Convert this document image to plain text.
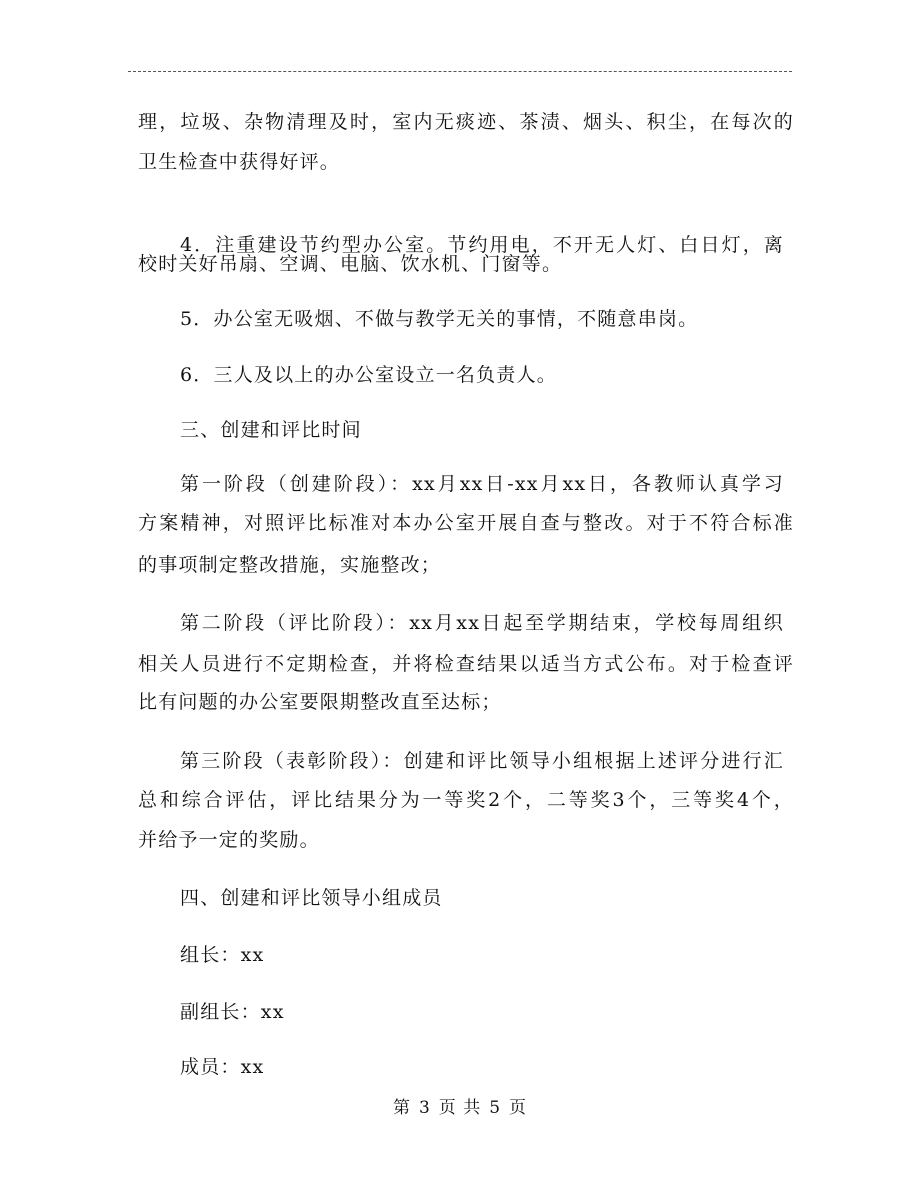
理，垃圾、杂物清理及时，室内无痰迹、茶渍、烟头、积尘，在每次的
卫生检查中获得好评。
4．注重建设节约型办公室。节约用电，不开无人灯、白日灯，离
校时关好吊扇、空调、电脑、饮水机、门窗等。
5．办公室无吸烟、不做与教学无关的事情，不随意串岗。
6．三人及以上的办公室设立一名负责人。
三、创建和评比时间
第一阶段（创建阶段）：xx月xx日-xx月xx日，各教师认真学习
方案精神，对照评比标准对本办公室开展自查与整改。对于不符合标准
的事项制定整改措施，实施整改；
第二阶段（评比阶段）：xx月xx日起至学期结束，学校每周组织
相关人员进行不定期检查，并将检查结果以适当方式公布。对于检查评
比有问题的办公室要限期整改直至达标；
第三阶段（表彰阶段）：创建和评比领导小组根据上述评分进行汇
总和综合评估，评比结果分为一等奖2个，二等奖3个，三等奖4个，
并给予一定的奖励。
四、创建和评比领导小组成员
组长：xx
副组长：xx
成员：xx
第 3 页 共 5 页
